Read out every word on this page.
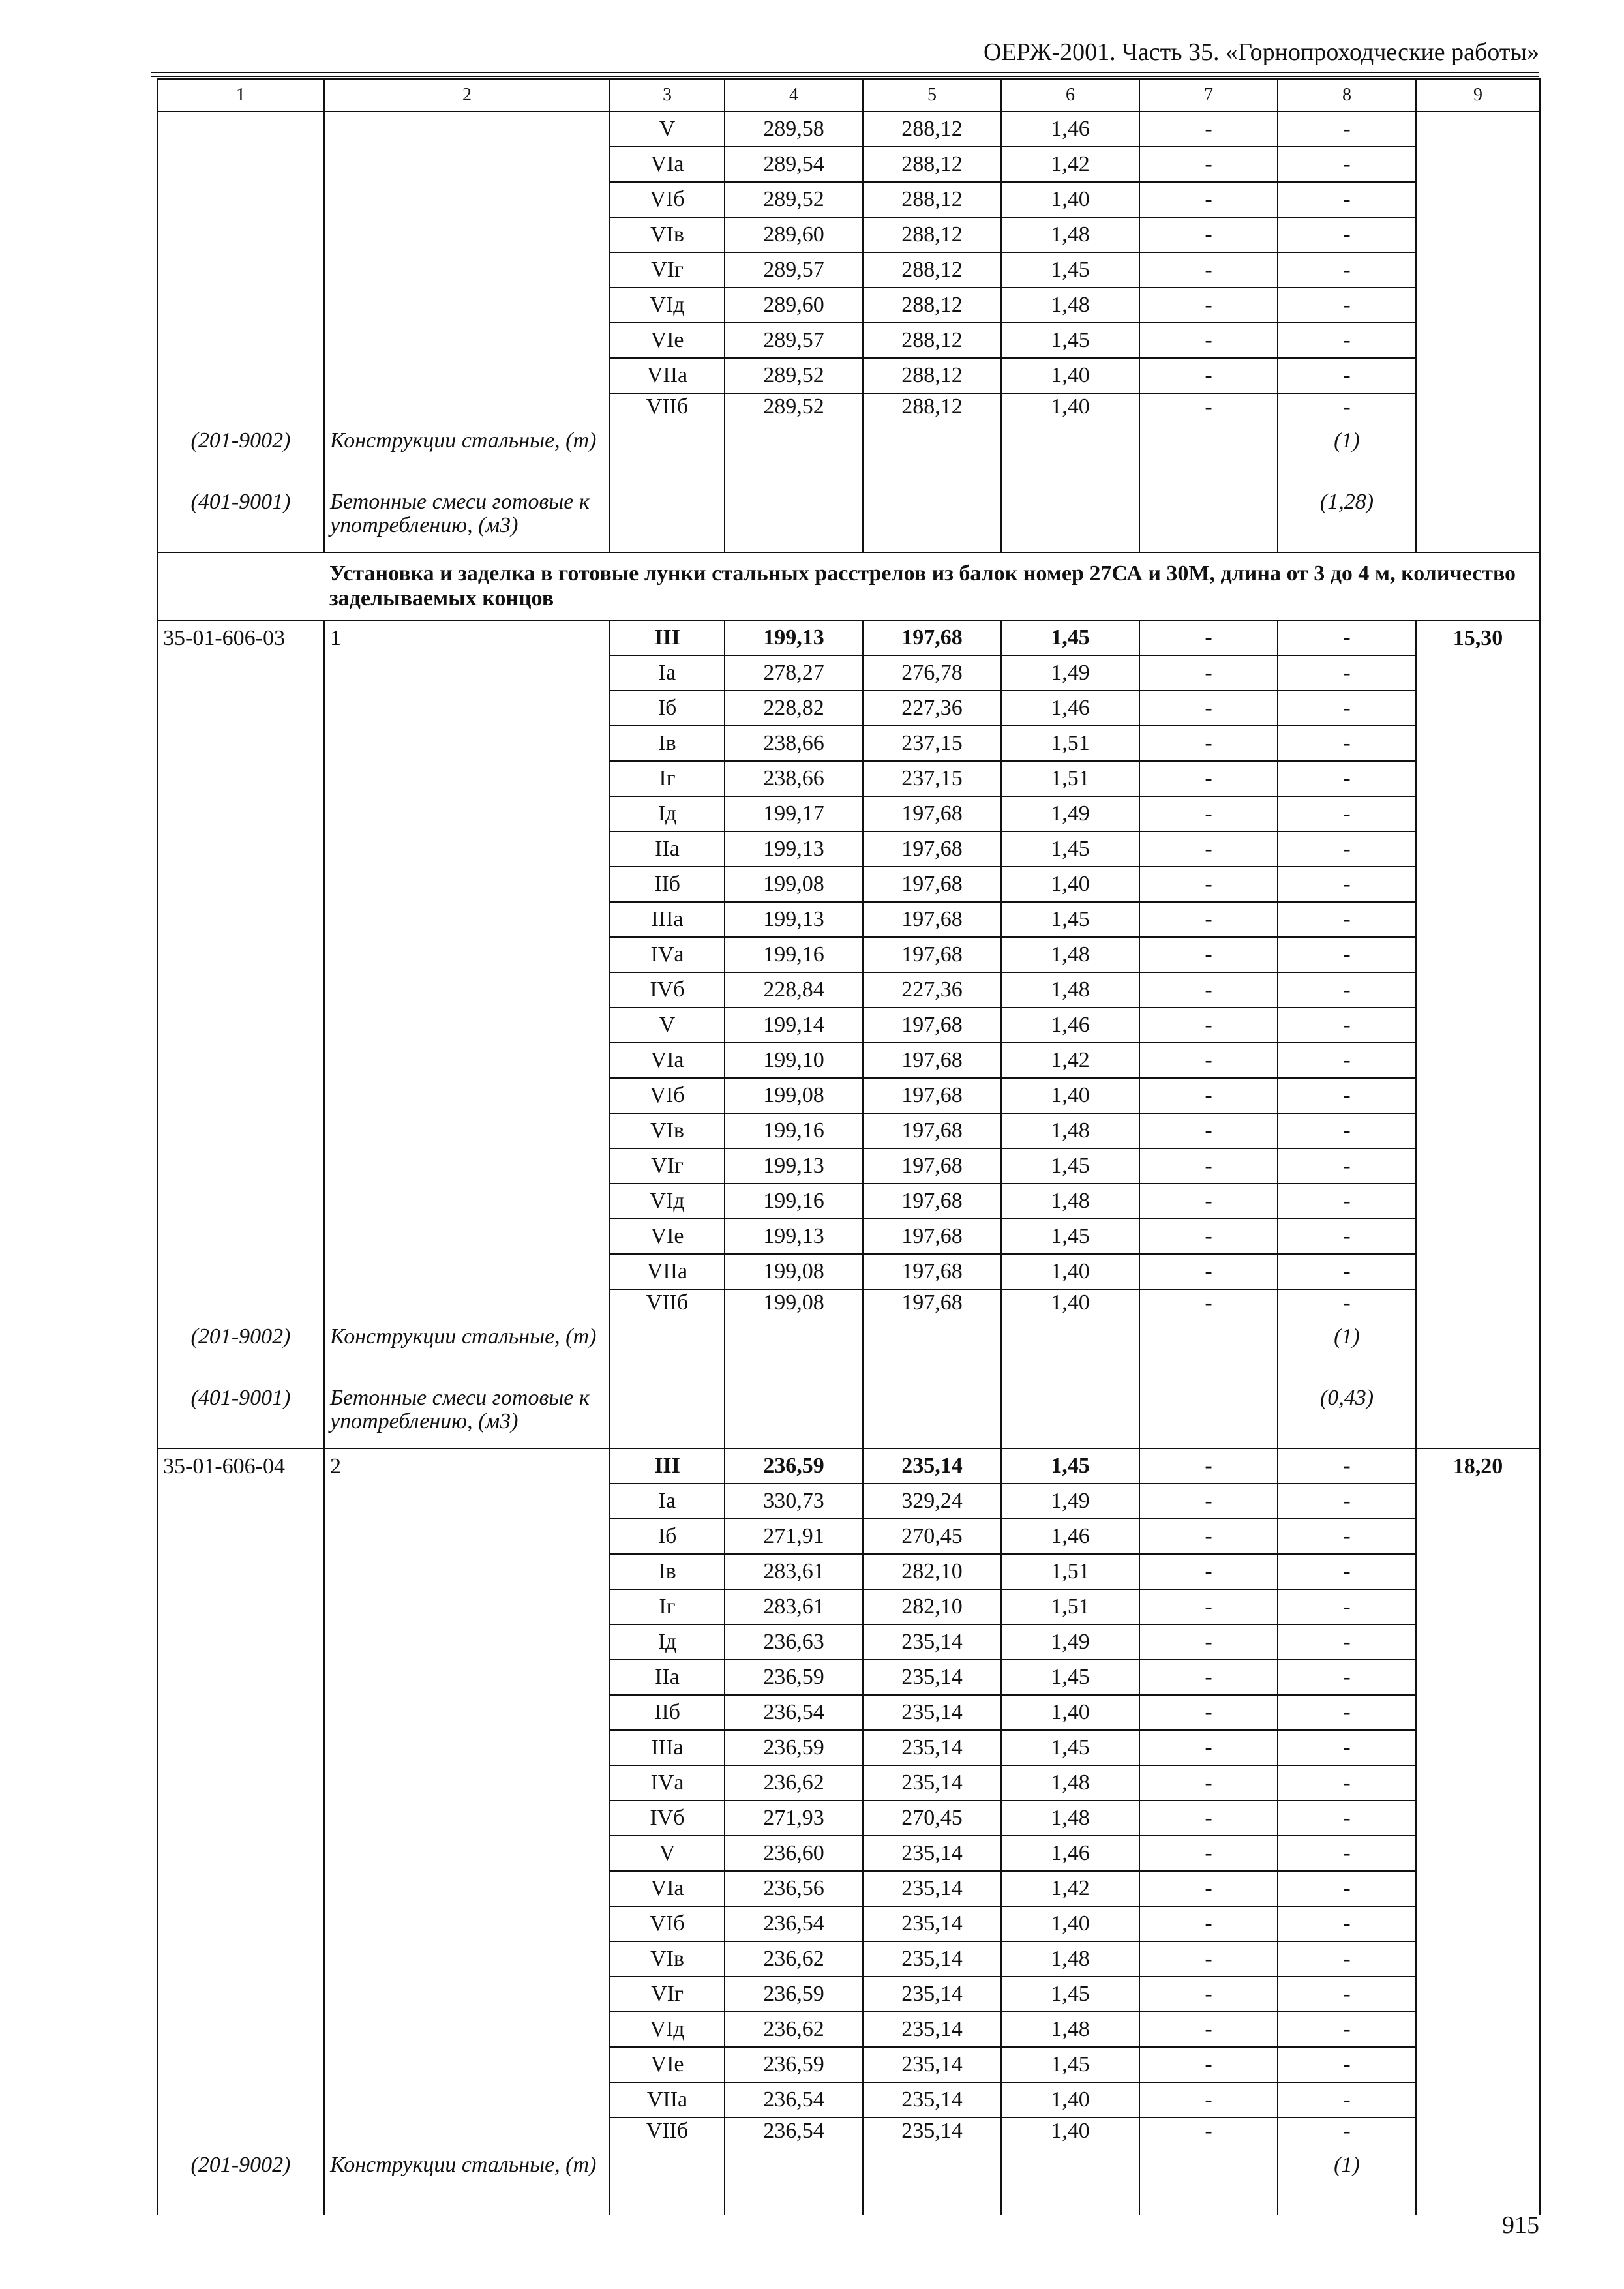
ОЕРЖ-2001. Часть 35. «Горнопроходческие работы»
1	2	3	4	5	6	7	8	9
		V	289,58	288,12	1,46	-	-	
		VIа	289,54	288,12	1,42	-	-	
		VIб	289,52	288,12	1,40	-	-	
		VIв	289,60	288,12	1,48	-	-	
		VIг	289,57	288,12	1,45	-	-	
		VIд	289,60	288,12	1,48	-	-	
		VIе	289,57	288,12	1,45	-	-	
		VIIа	289,52	288,12	1,40	-	-	
		VIIб	289,52	288,12	1,40	-	-	
(201-9002)	Конструкции стальные, (т)						(1)	
(401-9001)	Бетонные смеси готовые к употреблению, (м3)						(1,28)	
	Установка и заделка в готовые лунки стальных расстрелов из балок номер 27СА и 30М, длина от 3 до 4 м, количество заделываемых концов							
35-01-606-03	1	III	199,13	197,68	1,45	-	-	15,30
		Iа	278,27	276,78	1,49	-	-	
		Iб	228,82	227,36	1,46	-	-	
		Iв	238,66	237,15	1,51	-	-	
		Iг	238,66	237,15	1,51	-	-	
		Iд	199,17	197,68	1,49	-	-	
		IIа	199,13	197,68	1,45	-	-	
		IIб	199,08	197,68	1,40	-	-	
		IIIа	199,13	197,68	1,45	-	-	
		IVа	199,16	197,68	1,48	-	-	
		IVб	228,84	227,36	1,48	-	-	
		V	199,14	197,68	1,46	-	-	
		VIа	199,10	197,68	1,42	-	-	
		VIб	199,08	197,68	1,40	-	-	
		VIв	199,16	197,68	1,48	-	-	
		VIг	199,13	197,68	1,45	-	-	
		VIд	199,16	197,68	1,48	-	-	
		VIе	199,13	197,68	1,45	-	-	
		VIIа	199,08	197,68	1,40	-	-	
		VIIб	199,08	197,68	1,40	-	-	
(201-9002)	Конструкции стальные, (т)						(1)	
(401-9001)	Бетонные смеси готовые к употреблению, (м3)						(0,43)	
35-01-606-04	2	III	236,59	235,14	1,45	-	-	18,20
		Iа	330,73	329,24	1,49	-	-	
		Iб	271,91	270,45	1,46	-	-	
		Iв	283,61	282,10	1,51	-	-	
		Iг	283,61	282,10	1,51	-	-	
		Iд	236,63	235,14	1,49	-	-	
		IIа	236,59	235,14	1,45	-	-	
		IIб	236,54	235,14	1,40	-	-	
		IIIа	236,59	235,14	1,45	-	-	
		IVа	236,62	235,14	1,48	-	-	
		IVб	271,93	270,45	1,48	-	-	
		V	236,60	235,14	1,46	-	-	
		VIа	236,56	235,14	1,42	-	-	
		VIб	236,54	235,14	1,40	-	-	
		VIв	236,62	235,14	1,48	-	-	
		VIг	236,59	235,14	1,45	-	-	
		VIд	236,62	235,14	1,48	-	-	
		VIе	236,59	235,14	1,45	-	-	
		VIIа	236,54	235,14	1,40	-	-	
		VIIб	236,54	235,14	1,40	-	-	
(201-9002)	Конструкции стальные, (т)						(1)	
915
